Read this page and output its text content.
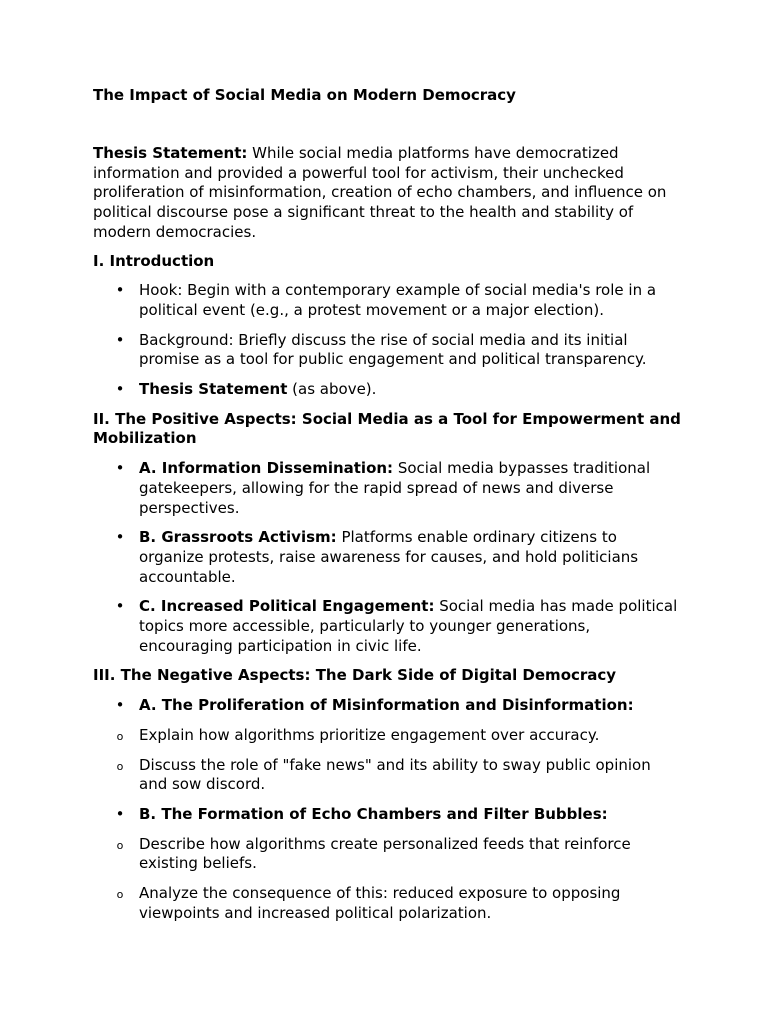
The Impact of Social Media on Modern Democracy

Thesis Statement: While social media platforms have democratized information and provided a powerful tool for activism, their unchecked proliferation of misinformation, creation of echo chambers, and influence on political discourse pose a significant threat to the health and stability of modern democracies.

I. Introduction

• Hook: Begin with a contemporary example of social media's role in a political event (e.g., a protest movement or a major election).
• Background: Briefly discuss the rise of social media and its initial promise as a tool for public engagement and political transparency.
• Thesis Statement (as above).

II. The Positive Aspects: Social Media as a Tool for Empowerment and Mobilization

• A. Information Dissemination: Social media bypasses traditional gatekeepers, allowing for the rapid spread of news and diverse perspectives.
• B. Grassroots Activism: Platforms enable ordinary citizens to organize protests, raise awareness for causes, and hold politicians accountable.
• C. Increased Political Engagement: Social media has made political topics more accessible, particularly to younger generations, encouraging participation in civic life.

III. The Negative Aspects: The Dark Side of Digital Democracy

• A. The Proliferation of Misinformation and Disinformation:
o Explain how algorithms prioritize engagement over accuracy.
o Discuss the role of "fake news" and its ability to sway public opinion and sow discord.
• B. The Formation of Echo Chambers and Filter Bubbles:
o Describe how algorithms create personalized feeds that reinforce existing beliefs.
o Analyze the consequence of this: reduced exposure to opposing viewpoints and increased political polarization.
